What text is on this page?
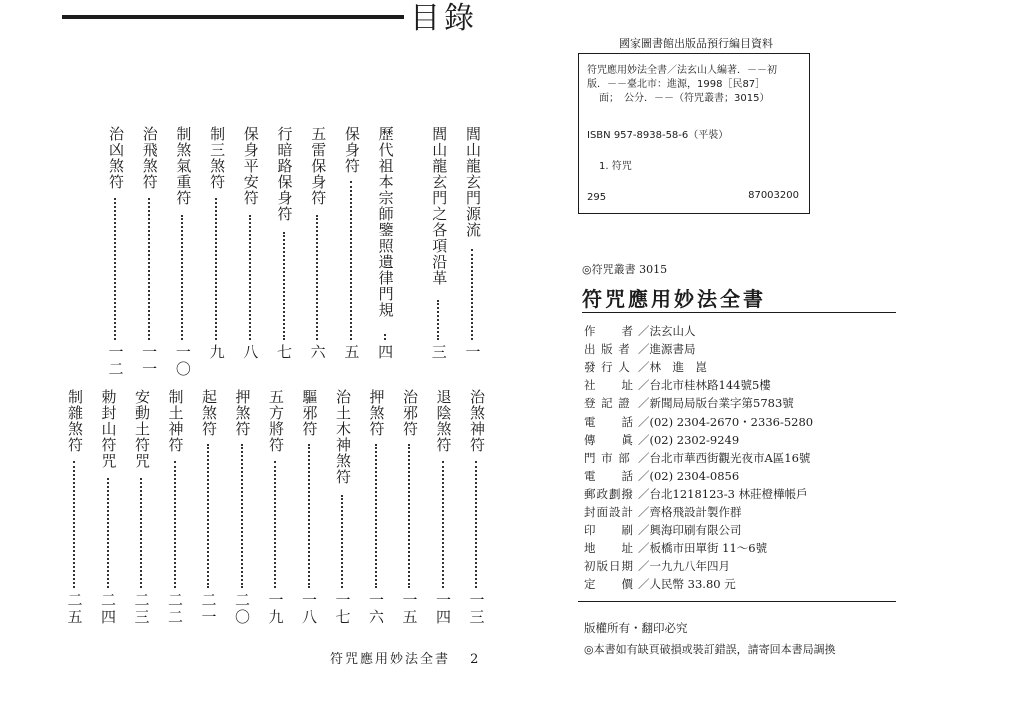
目錄
閭山龍玄門源流
一
閭山龍玄門之各項沿革
三
歷代祖本宗師鑒照遺律門規
四
保身符
五
五雷保身符
六
行暗路保身符
七
保身平安符
八
制三煞符
九
制煞氣重符
一
〇
治飛煞符
一
一
治凶煞符
一
二
治煞神符
一
三
退陰煞符
一
四
治邪符
一
五
押煞符
一
六
治土木神煞符
一
七
驅邪符
一
八
五方將符
一
九
押煞符
二
〇
起煞符
二
一
制土神符
二
二
安動土符咒
二
三
勅封山符咒
二
四
制雜煞符
二
五
符咒應用妙法全書 2
國家圖書館出版品預行編目資料
符咒應用妙法全書／法玄山人編著．－－初
版．－－臺北市：進源，1998［民87］
面；　公分．－－（符咒叢書；3015）
ISBN 957-8938-58-6（平裝）
1. 符咒
295	87003200
◎符咒叢書 3015
符咒應用妙法全書
作　　者 ／法玄山人
出 版 者 ／進源書局
發 行 人 ／林　進　崑
社　　址 ／台北市桂林路144號5樓
登 記 證 ／新聞局局版台業字第5783號
電　　話 ／(02) 2304-2670・2336-5280
傳　　眞 ／(02) 2302-9249
門 市 部 ／台北市華西街觀光夜市A區16號
電　　話 ／(02) 2304-0856
郵政劃撥 ／台北1218123-3 林莊橙樺帳戶
封面設計 ／齊格飛設計製作群
印　　刷 ／興海印刷有限公司
地　　址 ／板橋市田單街 11～6號
初版日期 ／一九九八年四月
定　　價 ／人民幣 33.80 元
版權所有・翻印必究
◎本書如有缺頁破損或裝訂錯誤，請寄回本書局調換
